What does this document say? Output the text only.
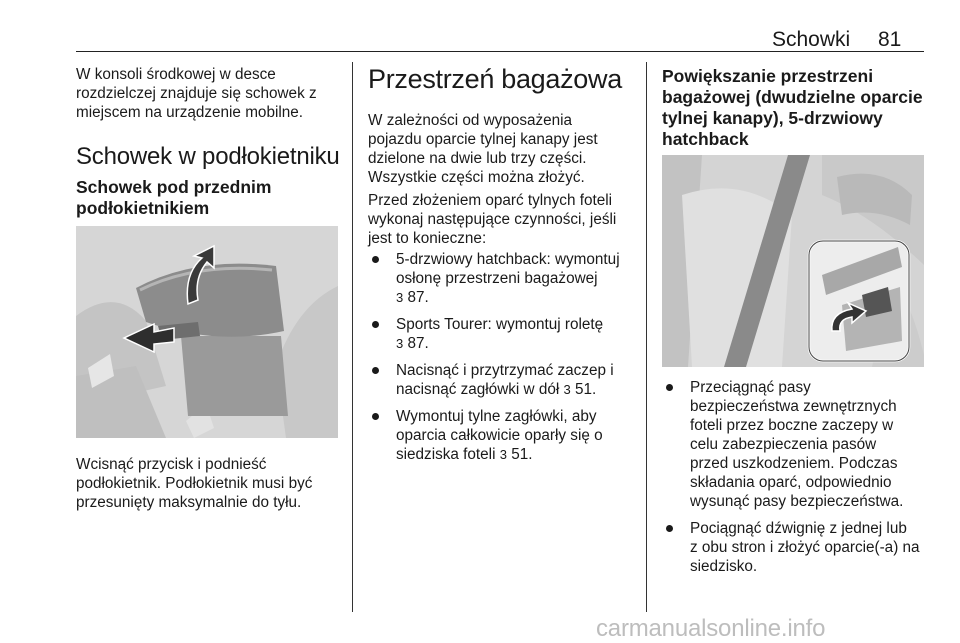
Schowki 81
W konsoli środkowej w desce
rozdzielczej znajduje się schowek z
miejscem na urządzenie mobilne.
Schowek w podłokietniku
Schowek pod przednim
podłokietnikiem
Wcisnąć przycisk i podnieść
podłokietnik. Podłokietnik musi być
przesunięty maksymalnie do tyłu.
Przestrzeń bagażowa
W zależności od wyposażenia
pojazdu oparcie tylnej kanapy jest
dzielone na dwie lub trzy części.
Wszystkie części można złożyć.
Przed złożeniem oparć tylnych foteli
wykonaj następujące czynności, jeśli
jest to konieczne:
5-drzwiowy hatchback: wymontuj
osłonę przestrzeni bagażowej
3 87.
Sports Tourer: wymontuj roletę
3 87.
Nacisnąć i przytrzymać zaczep i
nacisnąć zagłówki w dół 3 51.
Wymontuj tylne zagłówki, aby
oparcia całkowicie oparły się o
siedziska foteli 3 51.
Powiększanie przestrzeni
bagażowej (dwudzielne oparcie
tylnej kanapy), 5-drzwiowy
hatchback
Przeciągnąć pasy
bezpieczeństwa zewnętrznych
foteli przez boczne zaczepy w
celu zabezpieczenia pasów
przed uszkodzeniem. Podczas
składania oparć, odpowiednio
wysunąć pasy bezpieczeństwa.
Pociągnąć dźwignię z jednej lub
z obu stron i złożyć oparcie(-a) na
siedzisko.
carmanualsonline.info
